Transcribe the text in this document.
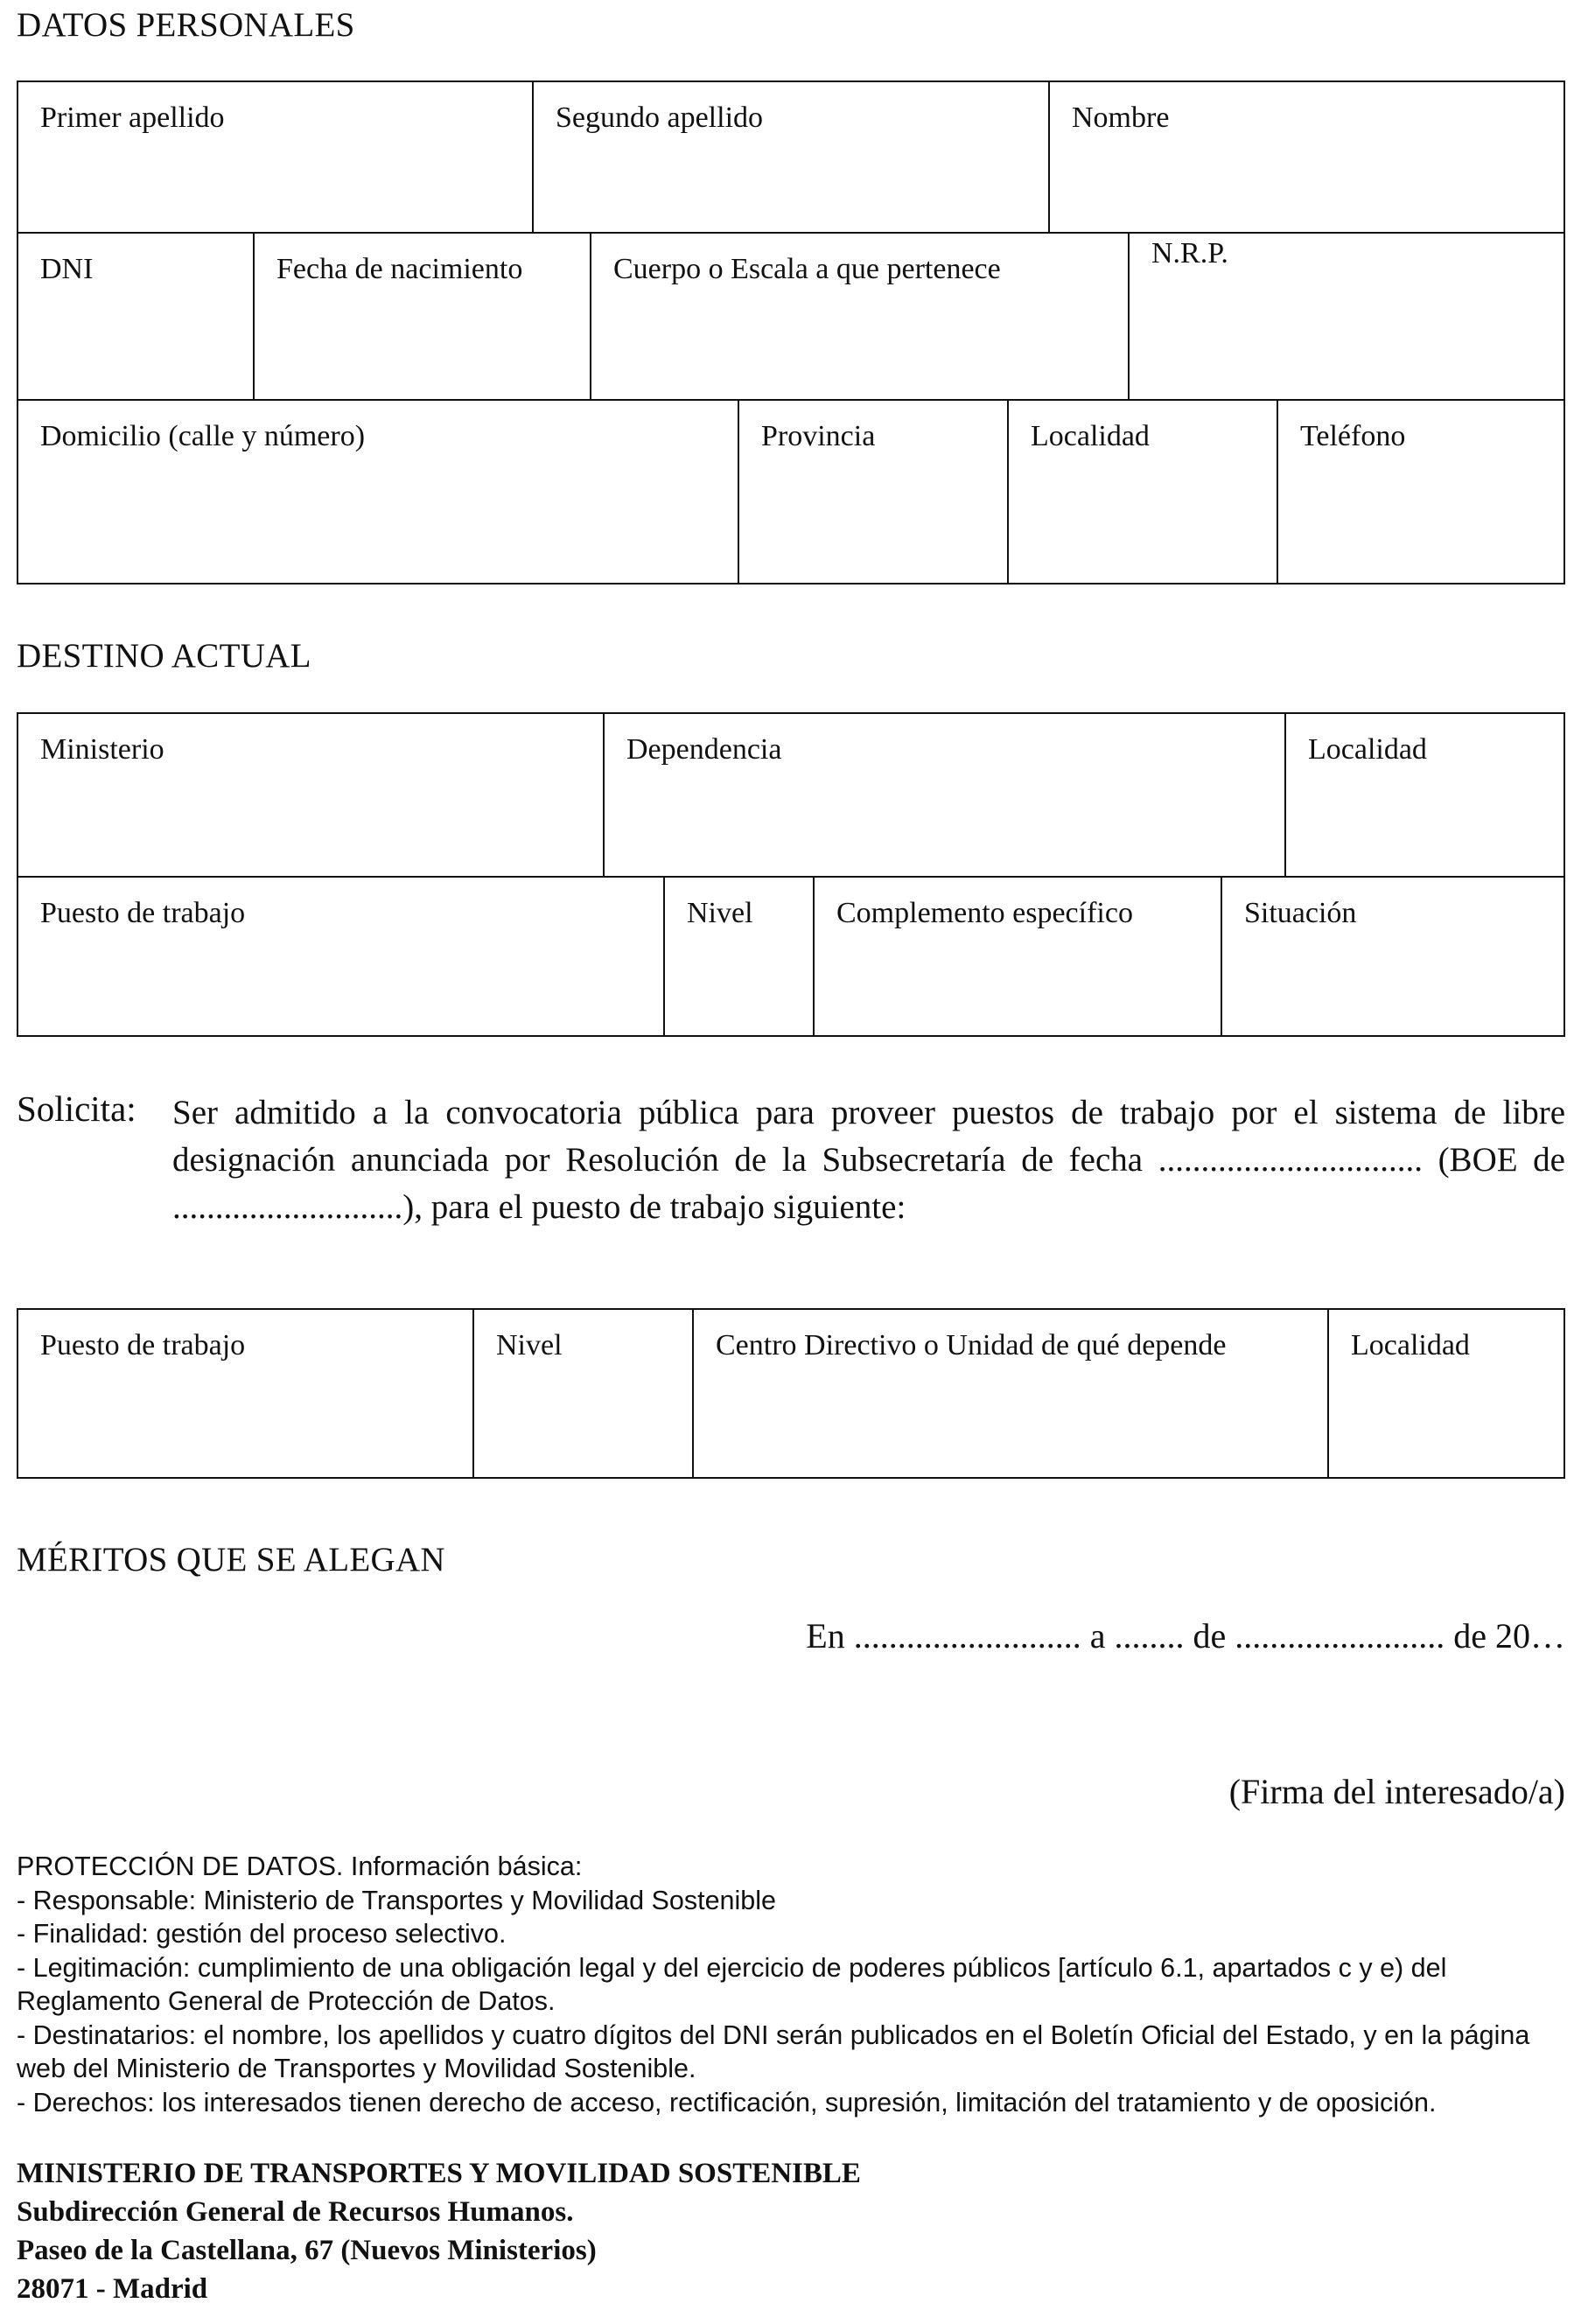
DATOS PERSONALES
Primer apellido	Segundo apellido	Nombre
DNI	Fecha de nacimiento	Cuerpo o Escala a que pertenece	N.R.P.
Domicilio (calle y número)	Provincia	Localidad	Teléfono
DESTINO ACTUAL
Ministerio	Dependencia	Localidad
Puesto de trabajo	Nivel	Complemento específico	Situación
Solicita: Ser admitido a la convocatoria pública para proveer puestos de trabajo por el sistema de libre designación anunciada por Resolución de la Subsecretaría de fecha ............................... (BOE de ...........................), para el puesto de trabajo siguiente:
Puesto de trabajo	Nivel	Centro Directivo o Unidad de qué depende	Localidad
MÉRITOS QUE SE ALEGAN
En .......................... a ........ de ........................ de 20…
(Firma del interesado/a)

PROTECCIÓN DE DATOS. Información básica:

- Responsable: Ministerio de Transportes y Movilidad Sostenible

- Finalidad: gestión del proceso selectivo.

- Legitimación: cumplimiento de una obligación legal y del ejercicio de poderes públicos [artículo 6.1, apartados c y e) del Reglamento General de Protección de Datos.

- Destinatarios: el nombre, los apellidos y cuatro dígitos del DNI serán publicados en el Boletín Oficial del Estado, y en la página web del Ministerio de Transportes y Movilidad Sostenible.

- Derechos: los interesados tienen derecho de acceso, rectificación, supresión, limitación del tratamiento y de oposición.

MINISTERIO DE TRANSPORTES Y MOVILIDAD SOSTENIBLE

Subdirección General de Recursos Humanos.

Paseo de la Castellana, 67 (Nuevos Ministerios)

28071 - Madrid
